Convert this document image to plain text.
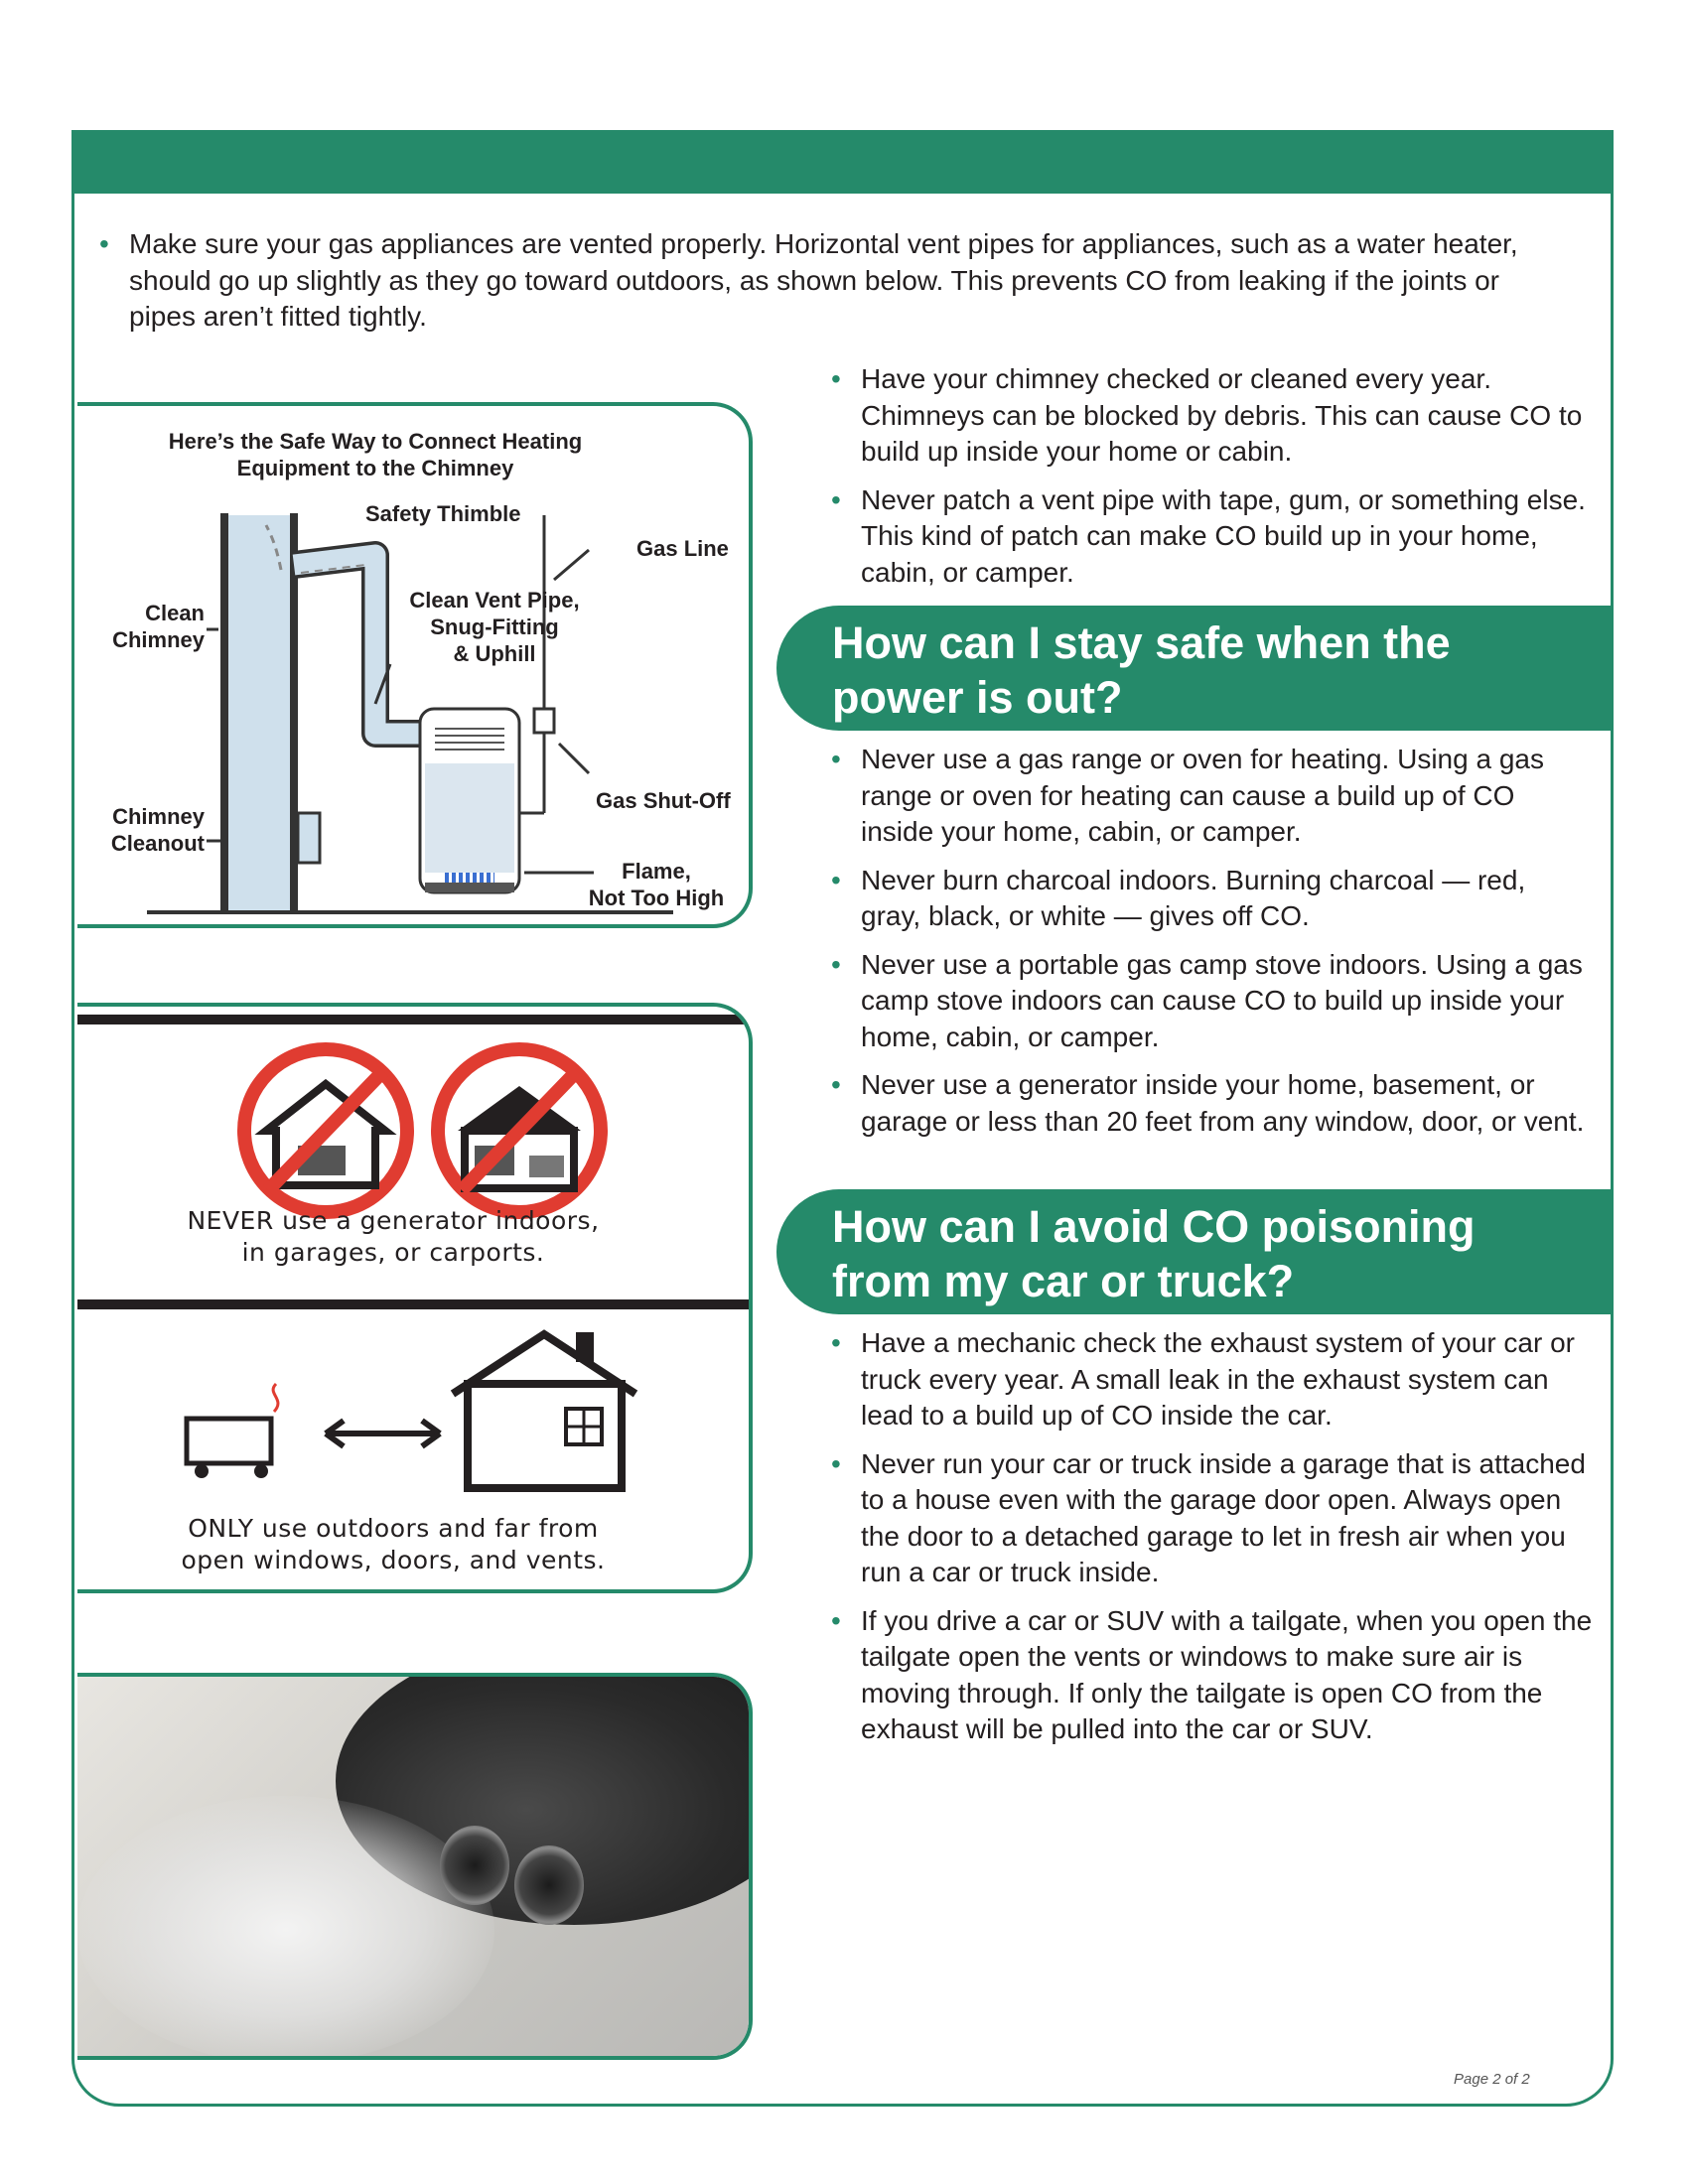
• Make sure your gas appliances are vented properly. Horizontal vent pipes for appliances, such as a water heater, should go up slightly as they go toward outdoors, as shown below. This prevents CO from leaking if the joints or pipes aren’t fitted tightly.
• Have your chimney checked or cleaned every year. Chimneys can be blocked by debris. This can cause CO to build up inside your home or cabin.
• Never patch a vent pipe with tape, gum, or something else. This kind of patch can make CO build up in your home, cabin, or camper.
How can I stay safe when the power is out?
• Never use a gas range or oven for heating. Using a gas range or oven for heating can cause a build up of CO inside your home, cabin, or camper.
• Never burn charcoal indoors. Burning charcoal — red, gray, black, or white — gives off CO.
• Never use a portable gas camp stove indoors. Using a gas camp stove indoors can cause CO to build up inside your home, cabin, or camper.
• Never use a generator inside your home, basement, or garage or less than 20 feet from any window, door, or vent.
How can I avoid CO poisoning from my car or truck?
• Have a mechanic check the exhaust system of your car or truck every year. A small leak in the exhaust system can lead to a build up of CO inside the car.
• Never run your car or truck inside a garage that is attached to a house even with the garage door open. Always open the door to a detached garage to let in fresh air when you run a car or truck inside.
• If you drive a car or SUV with a tailgate, when you open the tailgate open the vents or windows to make sure air is moving through. If only the tailgate is open CO from the exhaust will be pulled into the car or SUV.
Here’s the Safe Way to Connect Heating
Equipment to the Chimney
Safety Thimble
Gas Line
Clean
Chimney
Clean Vent Pipe,
Snug-Fitting
& Uphill
Chimney
Cleanout
Gas Shut-Off
Flame,
Not Too High
NEVER use a generator indoors,
in garages, or carports.
ONLY use outdoors and far from
open windows, doors, and vents.
Page 2 of 2
